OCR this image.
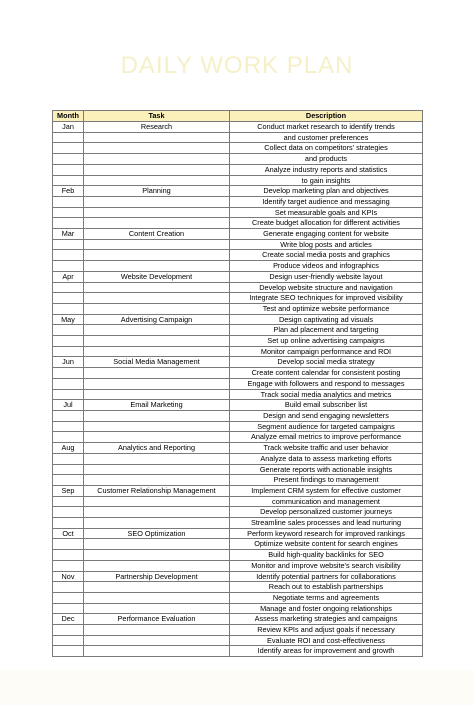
DAILY WORK PLAN
Month	Task	Description
Jan	Research	Conduct market research to identify trends
		and customer preferences
		Collect data on competitors' strategies
		and products
		Analyze industry reports and statistics
		to gain insights
Feb	Planning	Develop marketing plan and objectives
		Identify target audience and messaging
		Set measurable goals and KPIs
		Create budget allocation for different activities
Mar	Content Creation	Generate engaging content for website
		Write blog posts and articles
		Create social media posts and graphics
		Produce videos and infographics
Apr	Website Development	Design user-friendly website layout
		Develop website structure and navigation
		Integrate SEO techniques for improved visibility
		Test and optimize website performance
May	Advertising Campaign	Design captivating ad visuals
		Plan ad placement and targeting
		Set up online advertising campaigns
		Monitor campaign performance and ROI
Jun	Social Media Management	Develop social media strategy
		Create content calendar for consistent posting
		Engage with followers and respond to messages
		Track social media analytics and metrics
Jul	Email Marketing	Build email subscriber list
		Design and send engaging newsletters
		Segment audience for targeted campaigns
		Analyze email metrics to improve performance
Aug	Analytics and Reporting	Track website traffic and user behavior
		Analyze data to assess marketing efforts
		Generate reports with actionable insights
		Present findings to management
Sep	Customer Relationship Management	Implement CRM system for effective customer
		communication and management
		Develop personalized customer journeys
		Streamline sales processes and lead nurturing
Oct	SEO Optimization	Perform keyword research for improved rankings
		Optimize website content for search engines
		Build high-quality backlinks for SEO
		Monitor and improve website's search visibility
Nov	Partnership Development	Identify potential partners for collaborations
		Reach out to establish partnerships
		Negotiate terms and agreements
		Manage and foster ongoing relationships
Dec	Performance Evaluation	Assess marketing strategies and campaigns
		Review KPIs and adjust goals if necessary
		Evaluate ROI and cost-effectiveness
		Identify areas for improvement and growth
